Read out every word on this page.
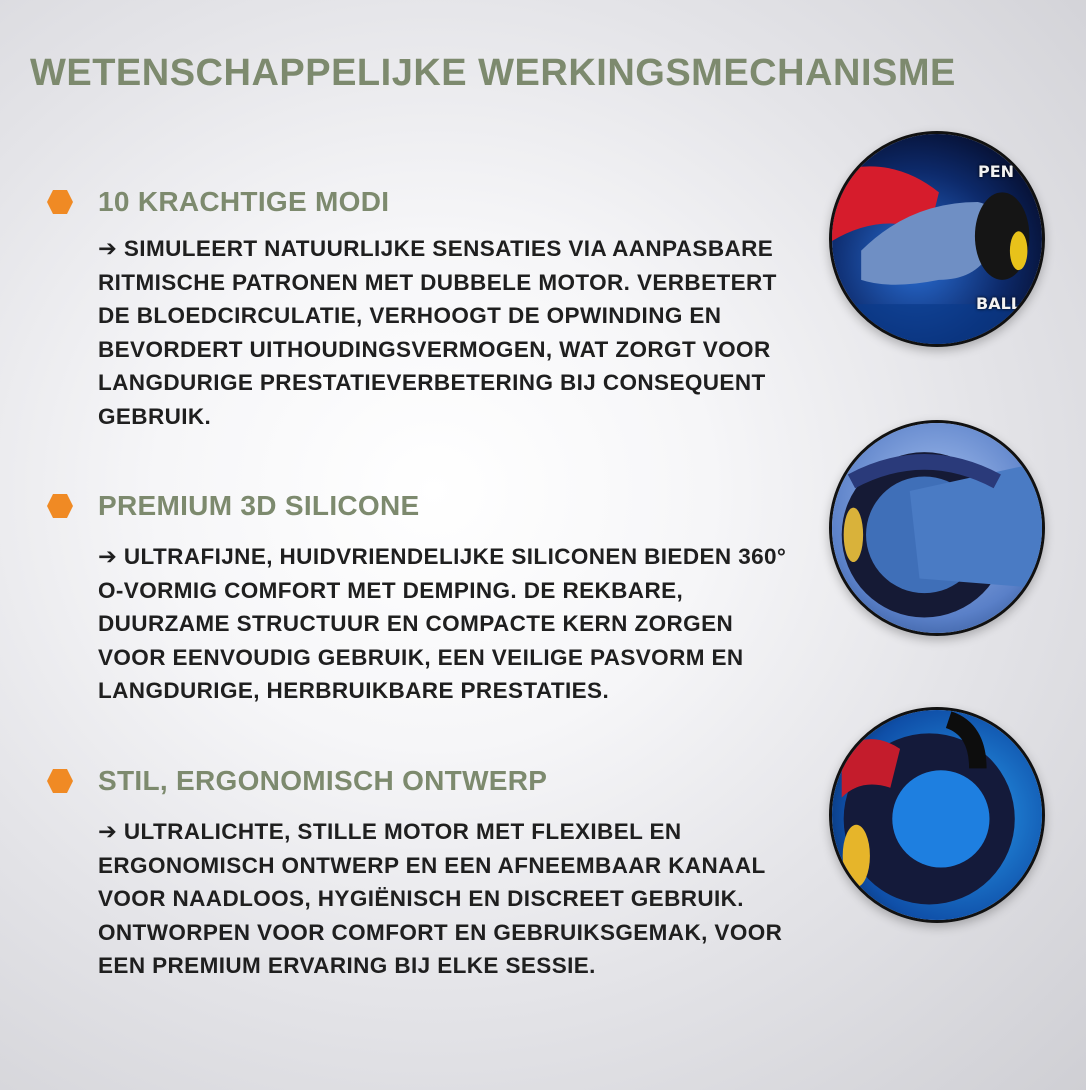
WETENSCHAPPELIJKE WERKINGSMECHANISME
10 KRACHTIGE MODI
➔ SIMULEERT NATUURLIJKE SENSATIES VIA AANPASBARE RITMISCHE PATRONEN MET DUBBELE MOTOR. VERBETERT DE BLOEDCIRCULATIE, VERHOOGT DE OPWINDING EN BEVORDERT UITHOUDINGSVERMOGEN, WAT ZORGT VOOR LANGDURIGE PRESTATIEVERBETERING BIJ CONSEQUENT GEBRUIK.
PREMIUM 3D SILICONE
➔ ULTRAFIJNE, HUIDVRIENDELIJKE SILICONEN BIEDEN 360° O-VORMIG COMFORT MET DEMPING. DE REKBARE, DUURZAME STRUCTUUR EN COMPACTE KERN ZORGEN VOOR EENVOUDIG GEBRUIK, EEN VEILIGE PASVORM EN LANGDURIGE, HERBRUIKBARE PRESTATIES.
STIL, ERGONOMISCH ONTWERP
➔ ULTRALICHTE, STILLE MOTOR MET FLEXIBEL EN ERGONOMISCH ONTWERP EN EEN AFNEEMBAAR KANAAL VOOR NAADLOOS, HYGIËNISCH EN DISCREET GEBRUIK. ONTWORPEN VOOR COMFORT EN GEBRUIKSGEMAK, VOOR EEN PREMIUM ERVARING BIJ ELKE SESSIE.
PEN
BALL
